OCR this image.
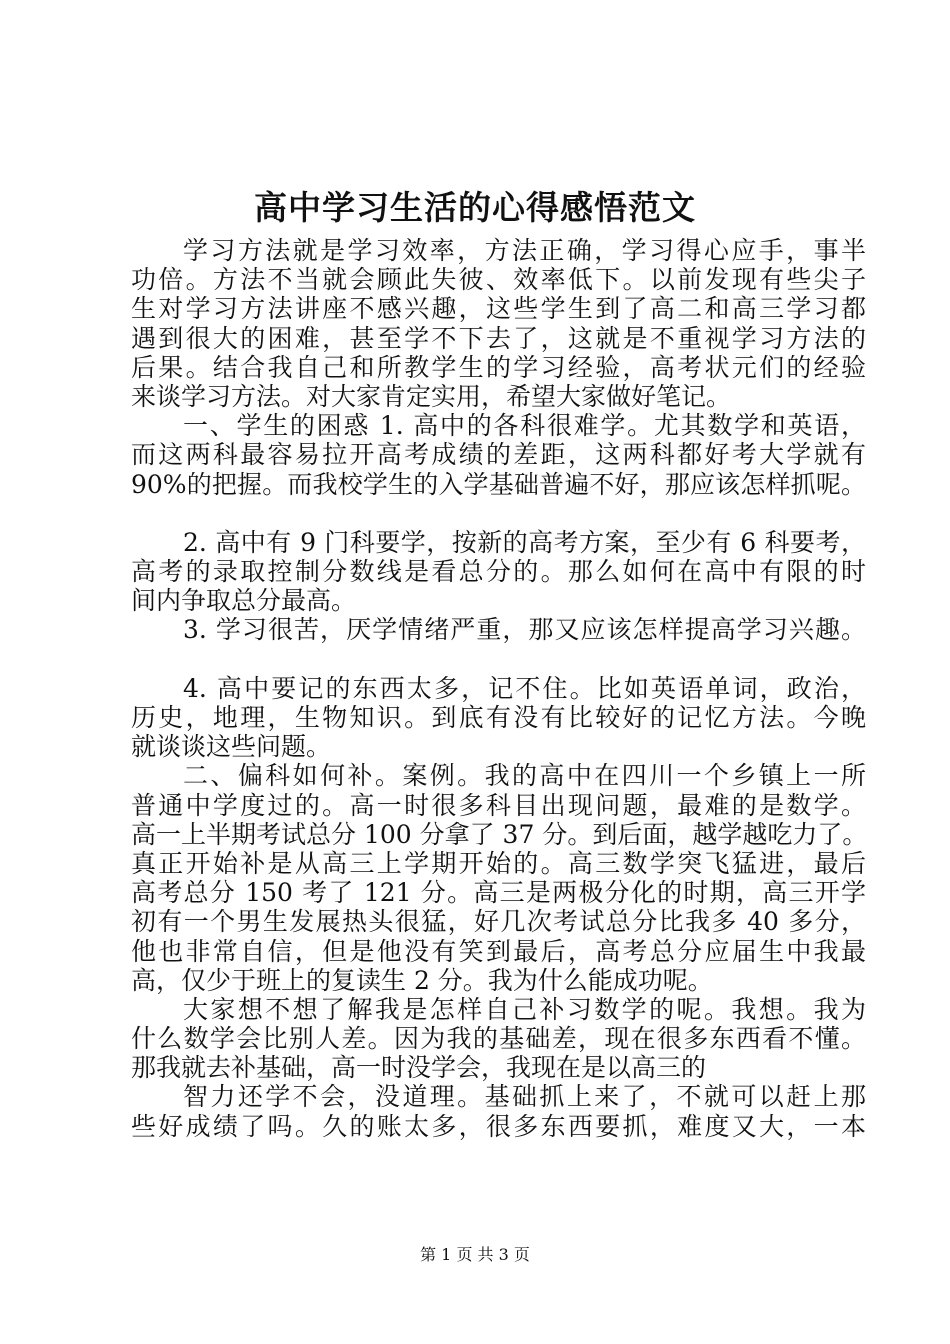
高中学习生活的心得感悟范文
学习方法就是学习效率，方法正确，学习得心应手，事半
功倍。方法不当就会顾此失彼、效率低下。以前发现有些尖子
生对学习方法讲座不感兴趣，这些学生到了高二和高三学习都
遇到很大的困难，甚至学不下去了，这就是不重视学习方法的
后果。结合我自己和所教学生的学习经验，高考状元们的经验
来谈学习方法。对大家肯定实用，希望大家做好笔记。
一、学生的困惑 1. 高中的各科很难学。尤其数学和英语，
而这两科最容易拉开高考成绩的差距，这两科都好考大学就有
90%的把握。而我校学生的入学基础普遍不好，那应该怎样抓呢。
2. 高中有 9 门科要学，按新的高考方案，至少有 6 科要考，
高考的录取控制分数线是看总分的。那么如何在高中有限的时
间内争取总分最高。
3. 学习很苦，厌学情绪严重，那又应该怎样提高学习兴趣。
4. 高中要记的东西太多，记不住。比如英语单词，政治，
历史，地理，生物知识。到底有没有比较好的记忆方法。今晚
就谈谈这些问题。
二、偏科如何补。案例。我的高中在四川一个乡镇上一所
普通中学度过的。高一时很多科目出现问题，最难的是数学。
高一上半期考试总分 100 分拿了 37 分。到后面，越学越吃力了。
真正开始补是从高三上学期开始的。高三数学突飞猛进，最后
高考总分 150 考了 121 分。高三是两极分化的时期，高三开学
初有一个男生发展热头很猛，好几次考试总分比我多 40 多分，
他也非常自信，但是他没有笑到最后，高考总分应届生中我最
高，仅少于班上的复读生 2 分。我为什么能成功呢。
大家想不想了解我是怎样自己补习数学的呢。我想。我为
什么数学会比别人差。因为我的基础差，现在很多东西看不懂。
那我就去补基础，高一时没学会，我现在是以高三的
智力还学不会，没道理。基础抓上来了，不就可以赶上那
些好成绩了吗。久的账太多，很多东西要抓，难度又大，一本
第 1 页 共 3 页
